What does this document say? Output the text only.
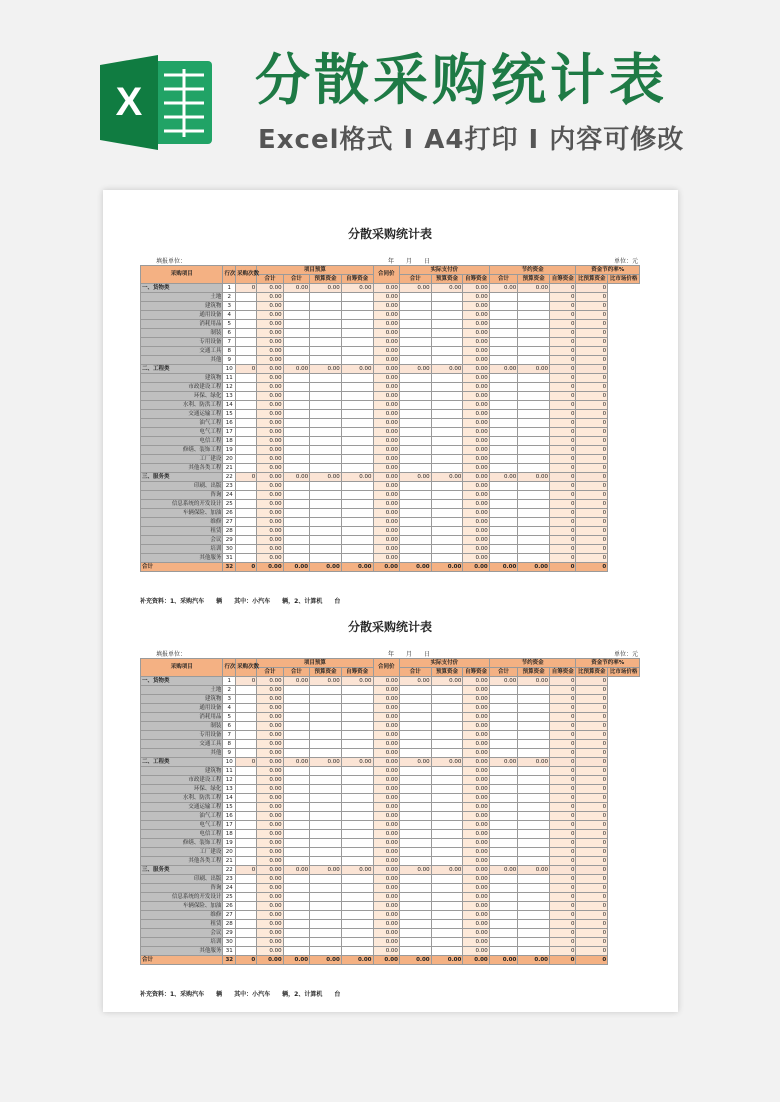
X 分散采购统计表
Excel格式 Ⅰ A4打印 Ⅰ 内容可修改
分散采购统计表
填报单位：	年　　月　　日	单位：元
采购项目	行次	采购次数	项目预算				合同价	实际支付价			节约资金			资金节约率%	
			合计	合计	预算资金	自筹资金		合计	预算资金	自筹资金	合计	预算资金	自筹资金	比预算资金	比市场价格
一、货物类	1	0	0.00	0.00	0.00	0.00	0.00	0.00	0.00	0.00	0.00	0.00	0	0	
土地	2		0.00				0.00			0.00			0	0	
建筑物	3		0.00				0.00			0.00			0	0	
通用设备	4		0.00				0.00			0.00			0	0	
消耗用品	5		0.00				0.00			0.00			0	0	
制装	6		0.00				0.00			0.00			0	0	
专用设备	7		0.00				0.00			0.00			0	0	
交通工具	8		0.00				0.00			0.00			0	0	
其他	9		0.00				0.00			0.00			0	0	
二、工程类	10	0	0.00	0.00	0.00	0.00	0.00	0.00	0.00	0.00	0.00	0.00	0	0	
建筑物	11		0.00				0.00			0.00			0	0	
市政建设工程	12		0.00				0.00			0.00			0	0	
环保、绿化	13		0.00				0.00			0.00			0	0	
水利、防洪工程	14		0.00				0.00			0.00			0	0	
交通运输工程	15		0.00				0.00			0.00			0	0	
油气工程	16		0.00				0.00			0.00			0	0	
电气工程	17		0.00				0.00			0.00			0	0	
电信工程	18		0.00				0.00			0.00			0	0	
修缮、装饰工程	19		0.00				0.00			0.00			0	0	
工厂建设	20		0.00				0.00			0.00			0	0	
其他各类工程	21		0.00				0.00			0.00			0	0	
三、服务类	22	0	0.00	0.00	0.00	0.00	0.00	0.00	0.00	0.00	0.00	0.00	0	0	
印刷、出版	23		0.00				0.00			0.00			0	0	
咨询	24		0.00				0.00			0.00			0	0	
信息系统的开发设计	25		0.00				0.00			0.00			0	0	
车辆保险、加油	26		0.00				0.00			0.00			0	0	
维修	27		0.00				0.00			0.00			0	0	
租赁	28		0.00				0.00			0.00			0	0	
会议	29		0.00				0.00			0.00			0	0	
培训	30		0.00				0.00			0.00			0	0	
其他服务	31		0.00				0.00			0.00			0	0	
合计	32	0	0.00	0.00	0.00	0.00	0.00	0.00	0.00	0.00	0.00	0.00	0	0	
补充资料：1、采购汽车　　辆　　其中：小汽车　　辆，2、计算机　　台
分散采购统计表
填报单位：	年　　月　　日	单位：元
采购项目	行次	采购次数	项目预算				合同价	实际支付价			节约资金			资金节约率%	
			合计	合计	预算资金	自筹资金		合计	预算资金	自筹资金	合计	预算资金	自筹资金	比预算资金	比市场价格
一、货物类	1	0	0.00	0.00	0.00	0.00	0.00	0.00	0.00	0.00	0.00	0.00	0	0	
土地	2		0.00				0.00			0.00			0	0	
建筑物	3		0.00				0.00			0.00			0	0	
通用设备	4		0.00				0.00			0.00			0	0	
消耗用品	5		0.00				0.00			0.00			0	0	
制装	6		0.00				0.00			0.00			0	0	
专用设备	7		0.00				0.00			0.00			0	0	
交通工具	8		0.00				0.00			0.00			0	0	
其他	9		0.00				0.00			0.00			0	0	
二、工程类	10	0	0.00	0.00	0.00	0.00	0.00	0.00	0.00	0.00	0.00	0.00	0	0	
建筑物	11		0.00				0.00			0.00			0	0	
市政建设工程	12		0.00				0.00			0.00			0	0	
环保、绿化	13		0.00				0.00			0.00			0	0	
水利、防洪工程	14		0.00				0.00			0.00			0	0	
交通运输工程	15		0.00				0.00			0.00			0	0	
油气工程	16		0.00				0.00			0.00			0	0	
电气工程	17		0.00				0.00			0.00			0	0	
电信工程	18		0.00				0.00			0.00			0	0	
修缮、装饰工程	19		0.00				0.00			0.00			0	0	
工厂建设	20		0.00				0.00			0.00			0	0	
其他各类工程	21		0.00				0.00			0.00			0	0	
三、服务类	22	0	0.00	0.00	0.00	0.00	0.00	0.00	0.00	0.00	0.00	0.00	0	0	
印刷、出版	23		0.00				0.00			0.00			0	0	
咨询	24		0.00				0.00			0.00			0	0	
信息系统的开发设计	25		0.00				0.00			0.00			0	0	
车辆保险、加油	26		0.00				0.00			0.00			0	0	
维修	27		0.00				0.00			0.00			0	0	
租赁	28		0.00				0.00			0.00			0	0	
会议	29		0.00				0.00			0.00			0	0	
培训	30		0.00				0.00			0.00			0	0	
其他服务	31		0.00				0.00			0.00			0	0	
合计	32	0	0.00	0.00	0.00	0.00	0.00	0.00	0.00	0.00	0.00	0.00	0	0	
补充资料：1、采购汽车　　辆　　其中：小汽车　　辆，2、计算机　　台
